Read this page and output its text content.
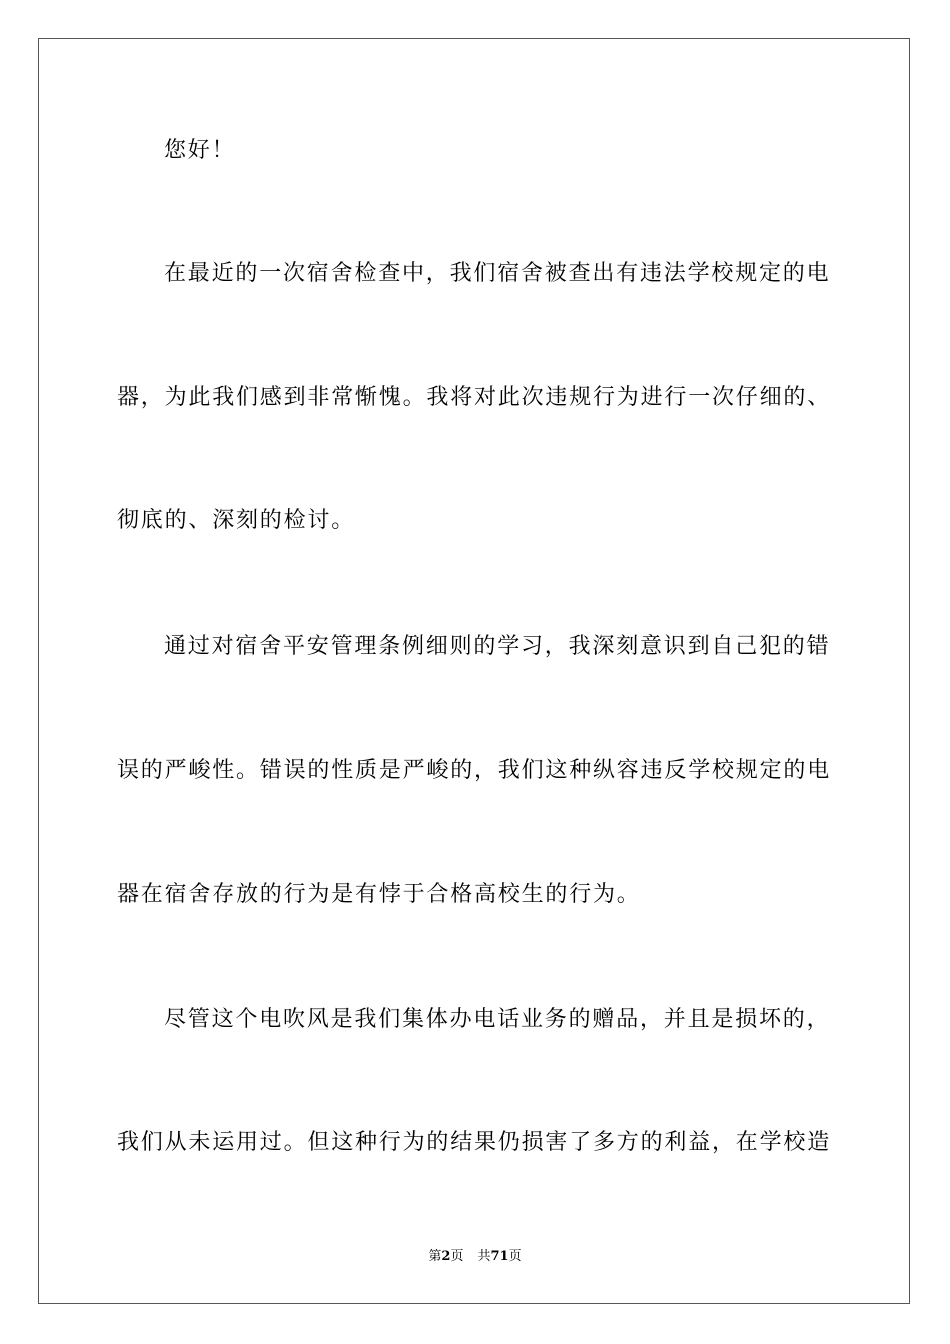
您好！
在最近的一次宿舍检查中，我们宿舍被查出有违法学校规定的电
器，为此我们感到非常惭愧。我将对此次违规行为进行一次仔细的、
彻底的、深刻的检讨。
通过对宿舍平安管理条例细则的学习，我深刻意识到自己犯的错
误的严峻性。错误的性质是严峻的，我们这种纵容违反学校规定的电
器在宿舍存放的行为是有悖于合格高校生的行为。
尽管这个电吹风是我们集体办电话业务的赠品，并且是损坏的，
我们从未运用过。但这种行为的结果仍损害了多方的利益，在学校造
第2页 共71页
